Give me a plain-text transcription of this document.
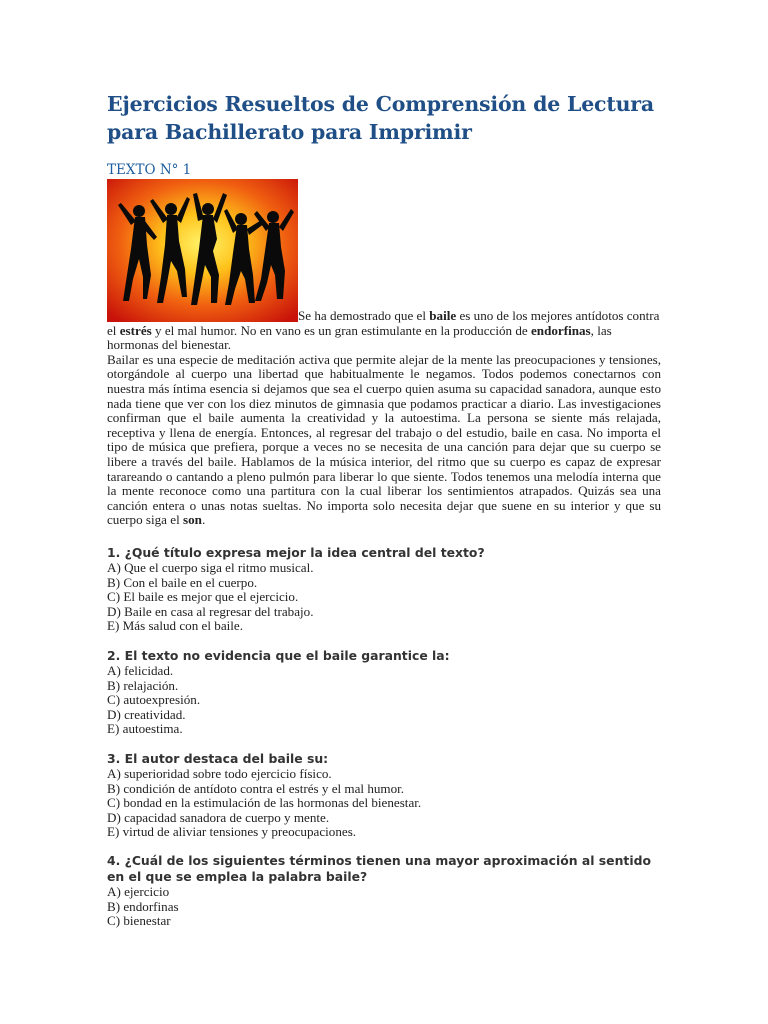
Ejercicios Resueltos de Comprensión de Lectura para Bachillerato para Imprimir
TEXTO N° 1

Se ha demostrado que el baile es uno de los mejores antídotos contra el estrés y el mal humor. No en vano es un gran estimulante en la producción de endorfinas, las hormonas del bienestar.

Bailar es una especie de meditación activa que permite alejar de la mente las preocupaciones y tensiones, otorgándole al cuerpo una libertad que habitualmente le negamos. Todos podemos conectarnos con nuestra más íntima esencia si dejamos que sea el cuerpo quien asuma su capacidad sanadora, aunque esto nada tiene que ver con los diez minutos de gimnasia que podamos practicar a diario. Las investigaciones confirman que el baile aumenta la creatividad y la autoestima. La persona se siente más relajada, receptiva y llena de energía. Entonces, al regresar del trabajo o del estudio, baile en casa. No importa el tipo de música que prefiera, porque a veces no se necesita de una canción para dejar que su cuerpo se libere a través del baile. Hablamos de la música interior, del ritmo que su cuerpo es capaz de expresar tarareando o cantando a pleno pulmón para liberar lo que siente. Todos tenemos una melodía interna que la mente reconoce como una partitura con la cual liberar los sentimientos atrapados. Quizás sea una canción entera o unas notas sueltas. No importa solo necesita dejar que suene en su interior y que su cuerpo siga el son.

1. ¿Qué título expresa mejor la idea central del texto?
A) Que el cuerpo siga el ritmo musical.
B) Con el baile en el cuerpo.
C) El baile es mejor que el ejercicio.
D) Baile en casa al regresar del trabajo.
E) Más salud con el baile.
2. El texto no evidencia que el baile garantice la:
A) felicidad.
B) relajación.
C) autoexpresión.
D) creatividad.
E) autoestima.
3. El autor destaca del baile su:
A) superioridad sobre todo ejercicio físico.
B) condición de antídoto contra el estrés y el mal humor.
C) bondad en la estimulación de las hormonas del bienestar.
D) capacidad sanadora de cuerpo y mente.
E) virtud de aliviar tensiones y preocupaciones.
4. ¿Cuál de los siguientes términos tienen una mayor aproximación al sentido en el que se emplea la palabra baile?
A) ejercicio
B) endorfinas
C) bienestar
